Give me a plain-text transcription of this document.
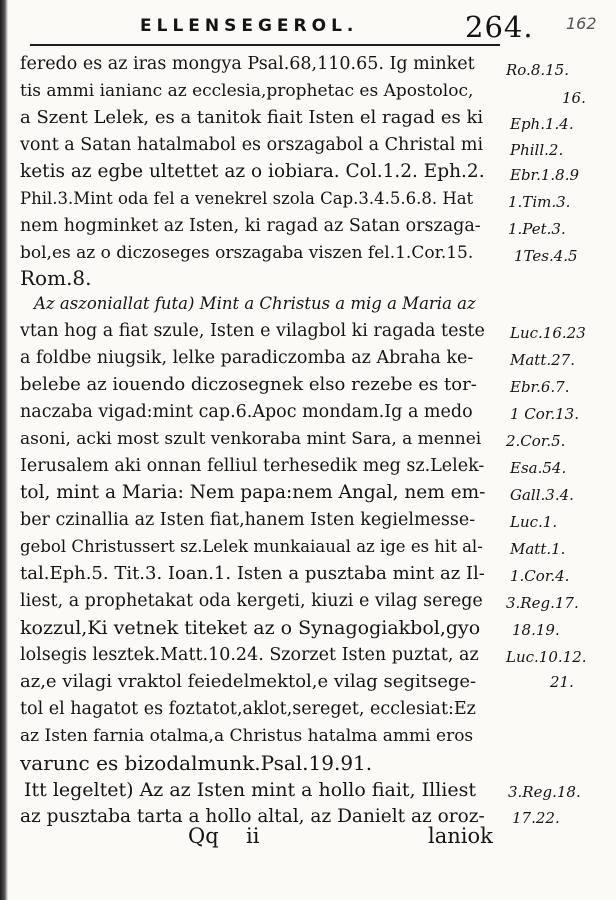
ELLENSEGEROL.	264. 162
feredo es az iras mongya Psal.68,110.65. Ig minket
tis ammi ianianc az ecclesia,prophetac es Apostoloc,
a Szent Lelek, es a tanitok fiait Isten el ragad es ki
vont a Satan hatalmabol es orszagabol a Christal mi
ketis az egbe ultettet az o iobiara. Col.1.2. Eph.2.
Phil.3.Mint oda fel a venekrel szola Cap.3.4.5.6.8. Hat
nem hogminket az Isten, ki ragad az Satan orszaga-
bol,es az o diczoseges orszagaba viszen fel.1.Cor.15.
Rom.8.
Az aszoniallat futa) Mint a Christus a mig a Maria az
vtan hog a fiat szule, Isten e vilagbol ki ragada teste
a foldbe niugsik, lelke paradiczomba az Abraha ke-
belebe az iouendo diczosegnek elso rezebe es tor-
naczaba vigad:mint cap.6.Apoc mondam.Ig a medo
asoni, acki most szult venkoraba mint Sara, a mennei
Ierusalem aki onnan felliul terhesedik meg sz.Lelek-
tol, mint a Maria: Nem papa:nem Angal, nem em-
ber czinallia az Isten fiat,hanem Isten kegielmesse-
gebol Christussert sz.Lelek munkaiaual az ige es hit al-
tal.Eph.5. Tit.3. Ioan.1. Isten a pusztaba mint az Il-
liest, a prophetakat oda kergeti, kiuzi e vilag serege
kozzul,Ki vetnek titeket az o Synagogiakbol,gyo
lolsegis lesztek.Matt.10.24. Szorzet Isten puztat, az
az,e vilagi vraktol feiedelmektol,e vilag segitsege-
tol el hagatot es foztatot,aklot,sereget, ecclesiat:Ez
az Isten farnia otalma,a Christus hatalma ammi eros
varunc es bizodalmunk.Psal.19.91.
Itt legeltet) Az az Isten mint a hollo fiait, Illiest
az pusztaba tarta a hollo altal, az Danielt az oroz-
Ro.8.15.
16.
Eph.1.4.
Phill.2.
Ebr.1.8.9
1.Tim.3.
1.Pet.3.
1Tes.4.5
Luc.16.23
Matt.27.
Ebr.6.7.
1 Cor.13.
2.Cor.5.
Esa.54.
Gall.3.4.
Luc.1.
Matt.1.
1.Cor.4.
3.Reg.17.
18.19.
Luc.10.12.
21.
3.Reg.18.
17.22.
Qq ii	laniok
